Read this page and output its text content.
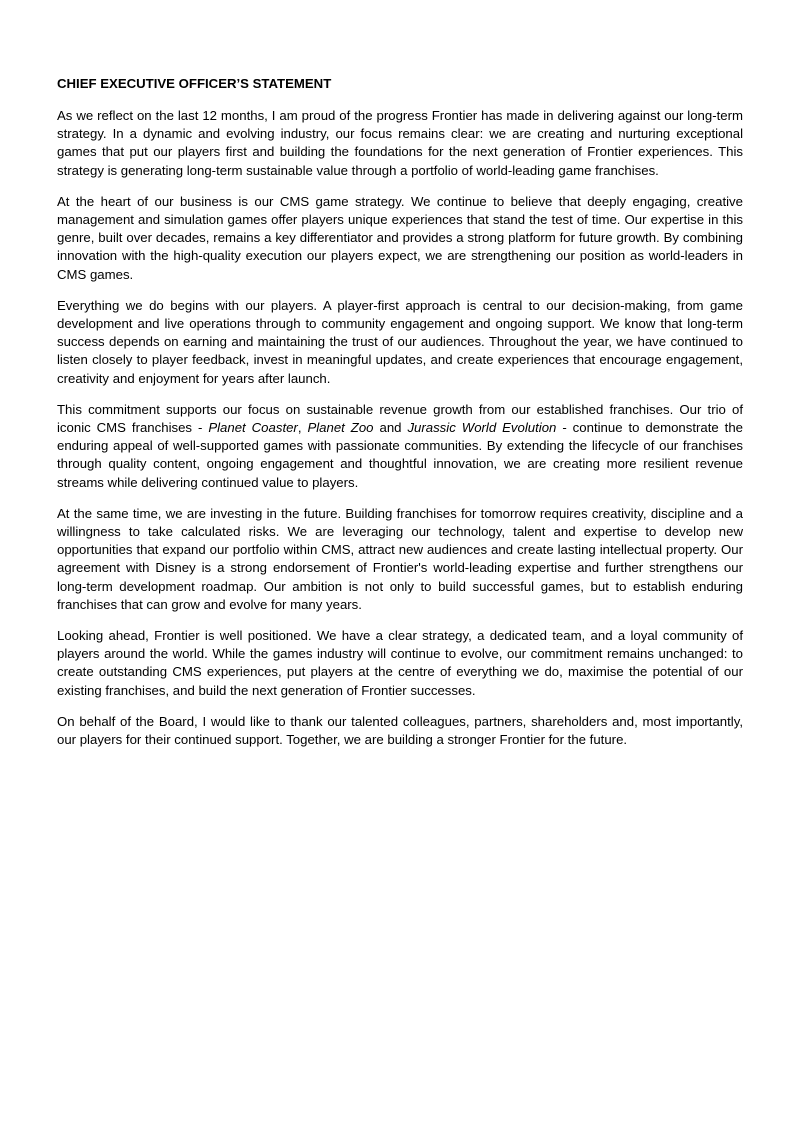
CHIEF EXECUTIVE OFFICER’S STATEMENT

As we reflect on the last 12 months, I am proud of the progress Frontier has made in delivering against our long-term strategy. In a dynamic and evolving industry, our focus remains clear: we are creating and nurturing exceptional games that put our players first and building the foundations for the next generation of Frontier experiences. This strategy is generating long-term sustainable value through a portfolio of world-leading game franchises.

At the heart of our business is our CMS game strategy. We continue to believe that deeply engaging, creative management and simulation games offer players unique experiences that stand the test of time. Our expertise in this genre, built over decades, remains a key differentiator and provides a strong platform for future growth. By combining innovation with the high-quality execution our players expect, we are strengthening our position as world-leaders in CMS games.

Everything we do begins with our players. A player-first approach is central to our decision-making, from game development and live operations through to community engagement and ongoing support. We know that long-term success depends on earning and maintaining the trust of our audiences. Throughout the year, we have continued to listen closely to player feedback, invest in meaningful updates, and create experiences that encourage engagement, creativity and enjoyment for years after launch.

This commitment supports our focus on sustainable revenue growth from our established franchises. Our trio of iconic CMS franchises - Planet Coaster, Planet Zoo and Jurassic World Evolution - continue to demonstrate the enduring appeal of well-supported games with passionate communities. By extending the lifecycle of our franchises through quality content, ongoing engagement and thoughtful innovation, we are creating more resilient revenue streams while delivering continued value to players.

At the same time, we are investing in the future. Building franchises for tomorrow requires creativity, discipline and a willingness to take calculated risks. We are leveraging our technology, talent and expertise to develop new opportunities that expand our portfolio within CMS, attract new audiences and create lasting intellectual property. Our agreement with Disney is a strong endorsement of Frontier's world-leading expertise and further strengthens our long-term development roadmap. Our ambition is not only to build successful games, but to establish enduring franchises that can grow and evolve for many years.

Looking ahead, Frontier is well positioned. We have a clear strategy, a dedicated team, and a loyal community of players around the world. While the games industry will continue to evolve, our commitment remains unchanged: to create outstanding CMS experiences, put players at the centre of everything we do, maximise the potential of our existing franchises, and build the next generation of Frontier successes.

On behalf of the Board, I would like to thank our talented colleagues, partners, shareholders and, most importantly, our players for their continued support. Together, we are building a stronger Frontier for the future.
